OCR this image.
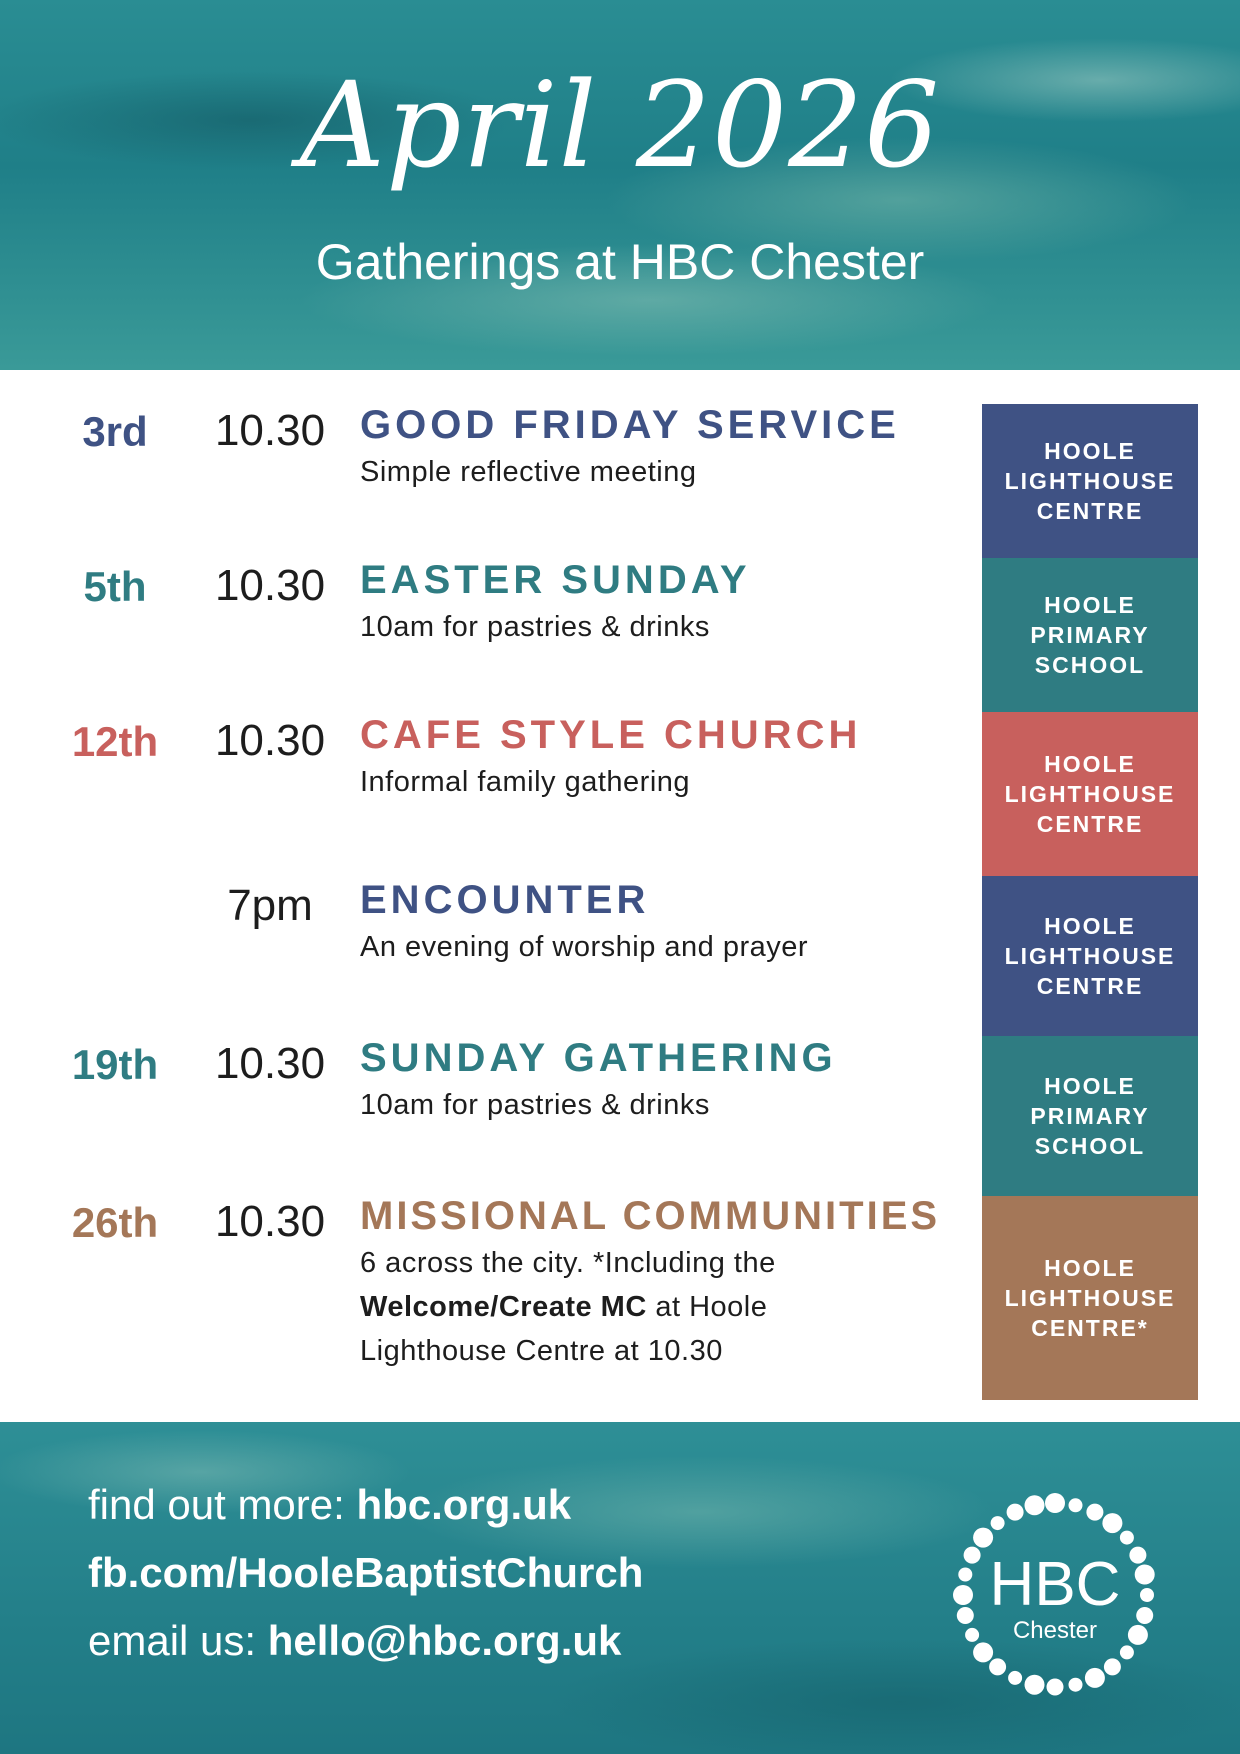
April 2026
Gatherings at HBC Chester
3rd	10.30 GOOD FRIDAY SERVICE
Simple reflective meeting
HOOLE
LIGHTHOUSE
CENTRE
5th	10.30 EASTER SUNDAY
10am for pastries & drinks
HOOLE
PRIMARY
SCHOOL
12th	10.30 CAFE STYLE CHURCH
Informal family gathering
HOOLE
LIGHTHOUSE
CENTRE
7pm	ENCOUNTER
An evening of worship and prayer
HOOLE
LIGHTHOUSE
CENTRE
19th	10.30 SUNDAY GATHERING
10am for pastries & drinks
HOOLE
PRIMARY
SCHOOL
26th	10.30 MISSIONAL COMMUNITIES
6 across the city. *Including the
Welcome/Create MC at Hoole
Lighthouse Centre at 10.30
HOOLE
LIGHTHOUSE
CENTRE*
find out more: hbc.org.uk
fb.com/HooleBaptistChurch
email us: hello@hbc.org.uk
HBC
Chester
